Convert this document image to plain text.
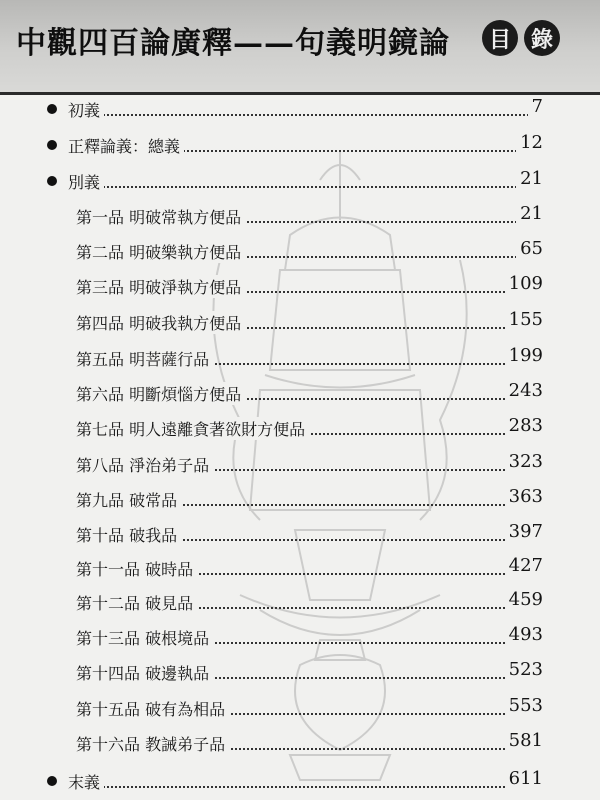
中觀四百論廣釋——句義明鏡論	目 錄
初義	7
正釋論義：總義	12
別義	21
第一品 明破常執方便品	21
第二品 明破樂執方便品	65
第三品 明破淨執方便品	109
第四品 明破我執方便品	155
第五品 明菩薩行品	199
第六品 明斷煩惱方便品	243
第七品 明人遠離貪著欲財方便品	283
第八品 淨治弟子品	323
第九品 破常品	363
第十品 破我品	397
第十一品 破時品	427
第十二品 破見品	459
第十三品 破根境品	493
第十四品 破邊執品	523
第十五品 破有為相品	553
第十六品 教誡弟子品	581
末義	611
